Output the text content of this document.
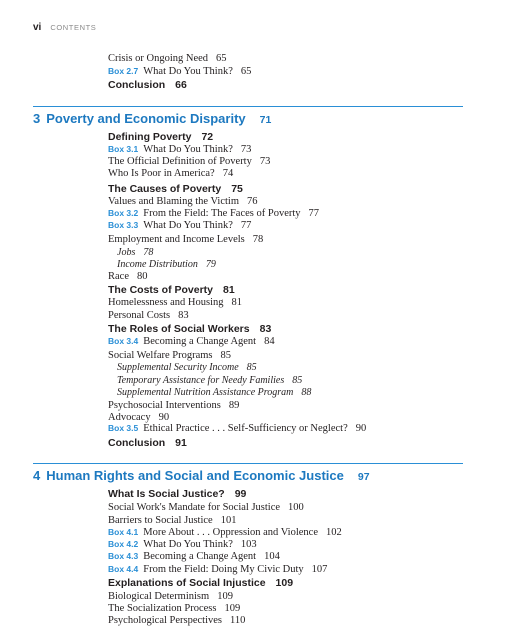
vi CONTENTS
Crisis or Ongoing Need 65
Box 2.7 What Do You Think? 65
Conclusion 66
3 Poverty and Economic Disparity 71
Defining Poverty 72
Box 3.1 What Do You Think? 73
The Official Definition of Poverty 73
Who Is Poor in America? 74
The Causes of Poverty 75
Values and Blaming the Victim 76
Box 3.2 From the Field: The Faces of Poverty 77
Box 3.3 What Do You Think? 77
Employment and Income Levels 78
Jobs 78
Income Distribution 79
Race 80
The Costs of Poverty 81
Homelessness and Housing 81
Personal Costs 83
The Roles of Social Workers 83
Box 3.4 Becoming a Change Agent 84
Social Welfare Programs 85
Supplemental Security Income 85
Temporary Assistance for Needy Families 85
Supplemental Nutrition Assistance Program 88
Psychosocial Interventions 89
Advocacy 90
Box 3.5 Ethical Practice . . . Self-Sufficiency or Neglect? 90
Conclusion 91
4 Human Rights and Social and Economic Justice 97
What Is Social Justice? 99
Social Work's Mandate for Social Justice 100
Barriers to Social Justice 101
Box 4.1 More About . . . Oppression and Violence 102
Box 4.2 What Do You Think? 103
Box 4.3 Becoming a Change Agent 104
Box 4.4 From the Field: Doing My Civic Duty 107
Explanations of Social Injustice 109
Biological Determinism 109
The Socialization Process 109
Psychological Perspectives 110
